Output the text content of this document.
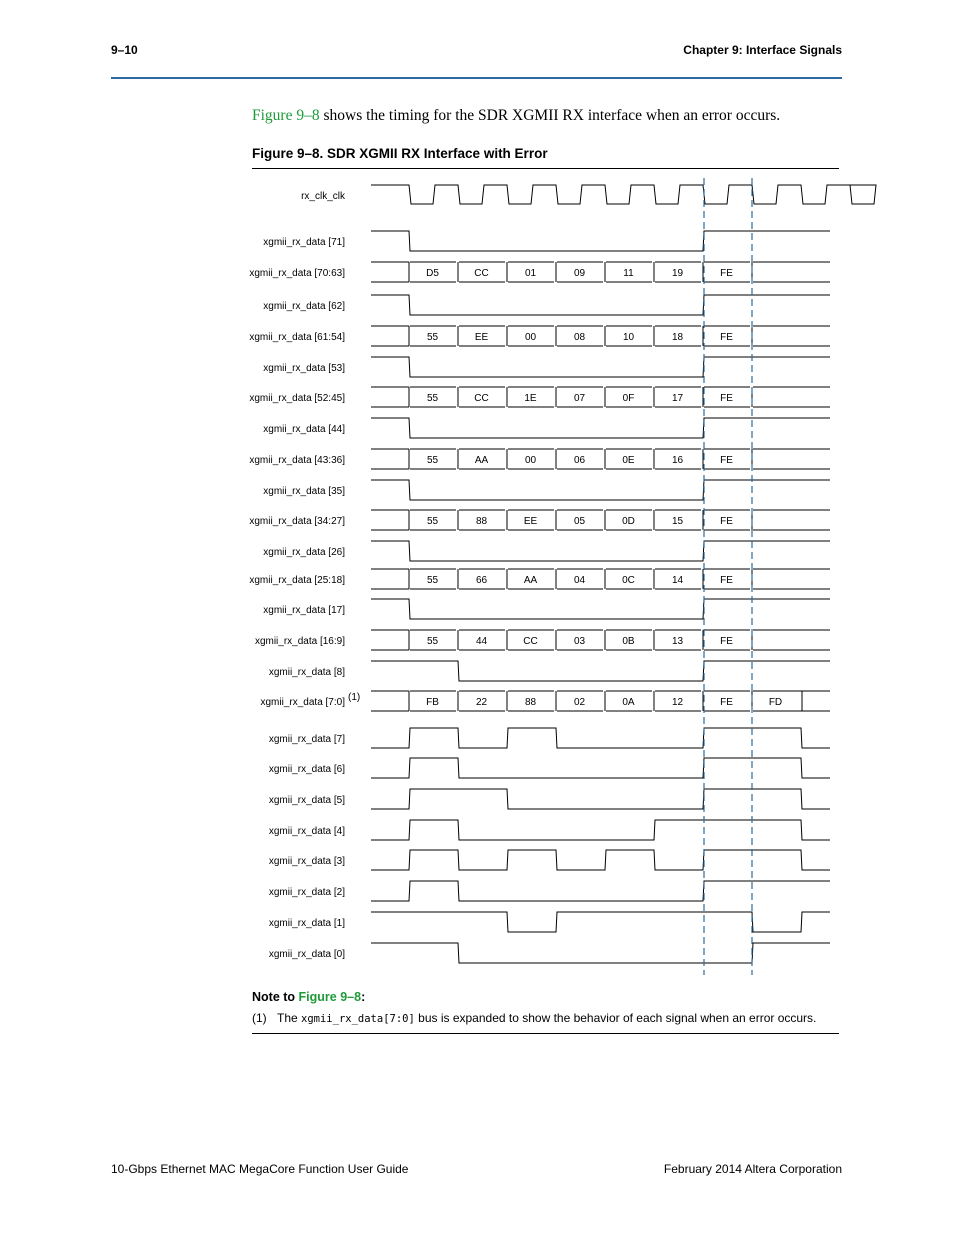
9–10	Chapter 9: Interface Signals
Figure 9–8 shows the timing for the SDR XGMII RX interface when an error occurs.
Figure 9–8. SDR XGMII RX Interface with Error
rx_clk_clk
xgmii_rx_data [71]
xgmii_rx_data [70:63]	D5	CC	01	09	11	19	FE
xgmii_rx_data [62]
xgmii_rx_data [61:54]	55	EE	00	08	10	18	FE
xgmii_rx_data [53]
xgmii_rx_data [52:45]	55	CC	1E	07	0F	17	FE
xgmii_rx_data [44]
xgmii_rx_data [43:36]	55	AA	00	06	0E	16	FE
xgmii_rx_data [35]
xgmii_rx_data [34:27]	55	88	EE	05	0D	15	FE
xgmii_rx_data [26]
xgmii_rx_data [25:18]	55	66	AA	04	0C	14	FE
xgmii_rx_data [17]
xgmii_rx_data [16:9]	55	44	CC	03	0B	13	FE
xgmii_rx_data [8]
xgmii_rx_data [7:0] (1)	FB	22	88	02	0A	12	FE	FD
xgmii_rx_data [7]
xgmii_rx_data [6]
xgmii_rx_data [5]
xgmii_rx_data [4]
xgmii_rx_data [3]
xgmii_rx_data [2]
xgmii_rx_data [1]
xgmii_rx_data [0]
Note to Figure 9–8:
(1) The xgmii_rx_data[7:0] bus is expanded to show the behavior of each signal when an error occurs.
10-Gbps Ethernet MAC MegaCore Function User Guide	February 2014 Altera Corporation
